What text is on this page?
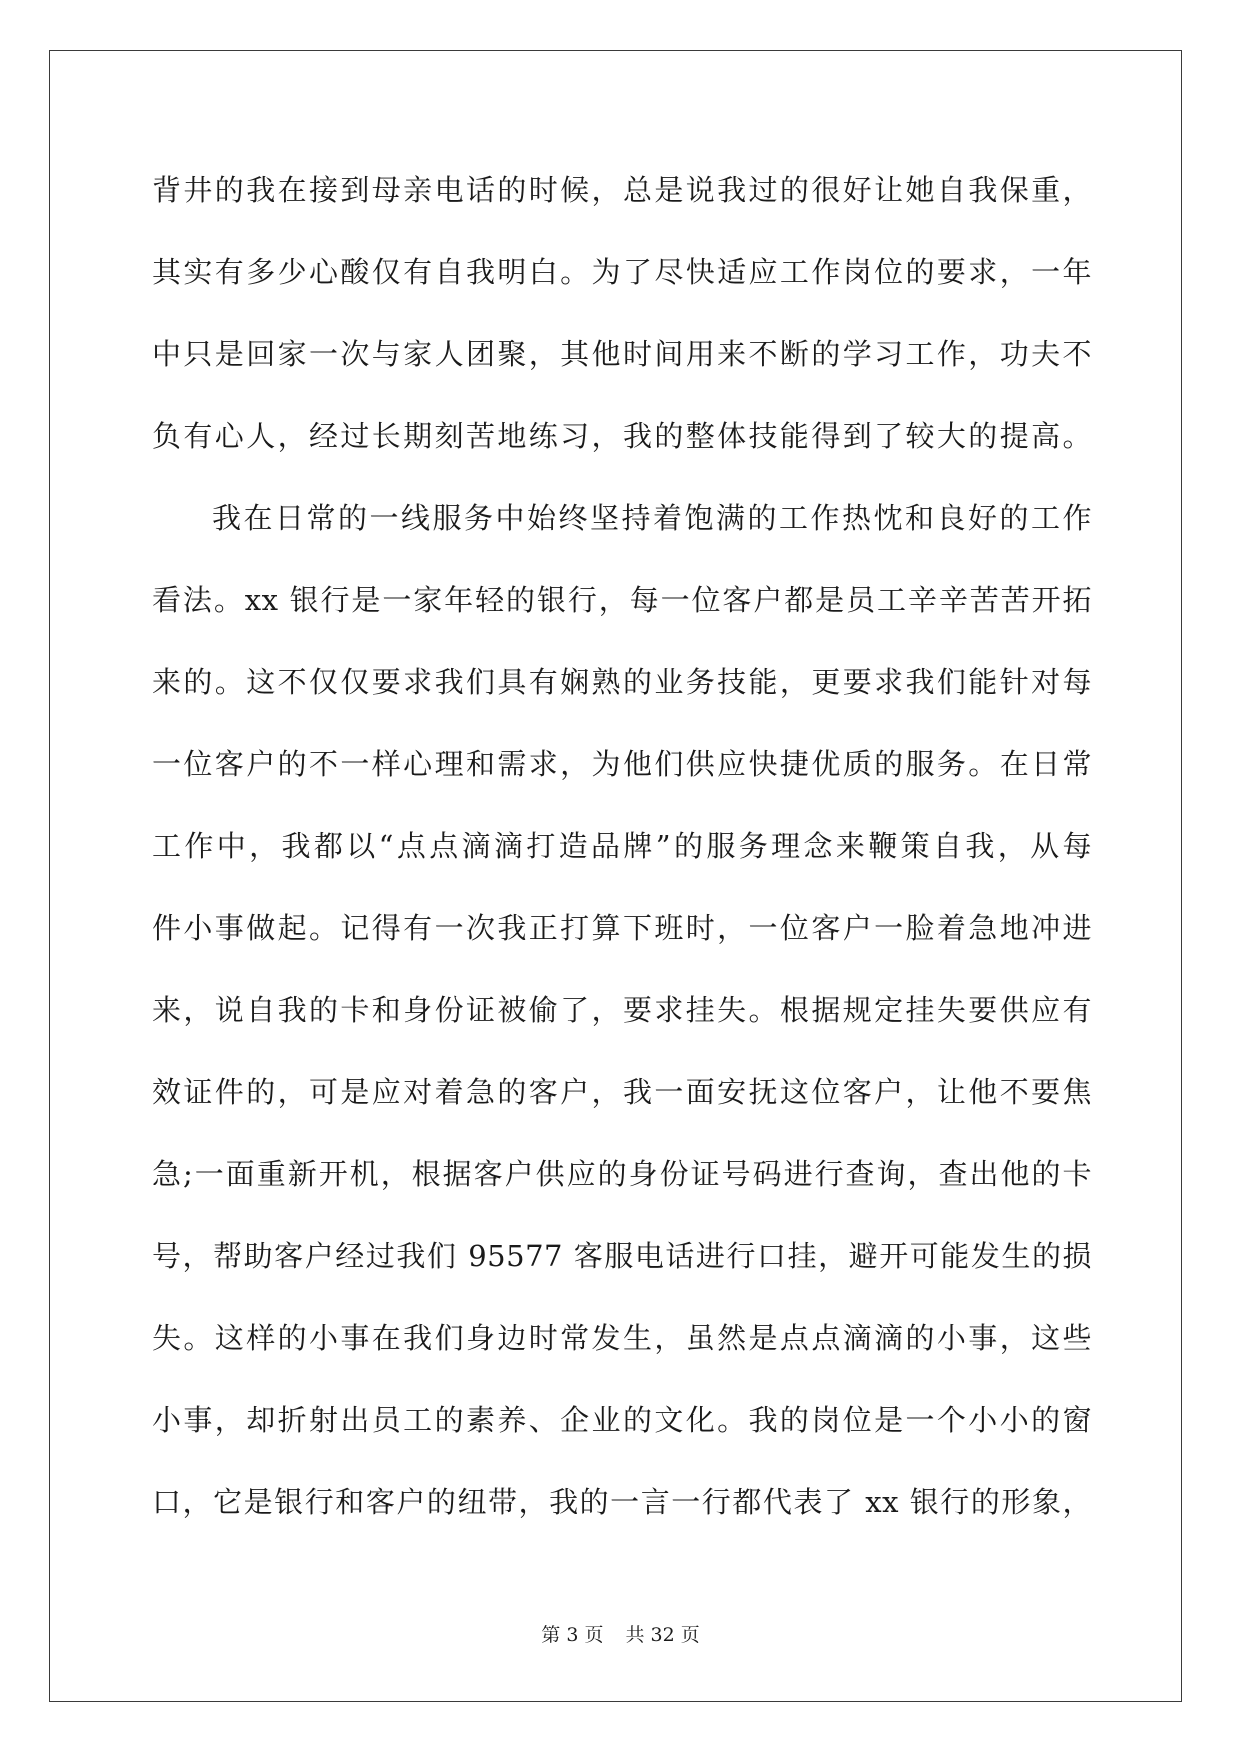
背井的我在接到母亲电话的时候，总是说我过的很好让她自我保重，
其实有多少心酸仅有自我明白。为了尽快适应工作岗位的要求，一年
中只是回家一次与家人团聚，其他时间用来不断的学习工作，功夫不
负有心人，经过长期刻苦地练习，我的整体技能得到了较大的提高。
我在日常的一线服务中始终坚持着饱满的工作热忱和良好的工作
看法。xx 银行是一家年轻的银行，每一位客户都是员工辛辛苦苦开拓
来的。这不仅仅要求我们具有娴熟的业务技能，更要求我们能针对每
一位客户的不一样心理和需求，为他们供应快捷优质的服务。在日常
工作中，我都以“点点滴滴打造品牌”的服务理念来鞭策自我，从每
件小事做起。记得有一次我正打算下班时，一位客户一脸着急地冲进
来，说自我的卡和身份证被偷了，要求挂失。根据规定挂失要供应有
效证件的，可是应对着急的客户，我一面安抚这位客户，让他不要焦
急;一面重新开机，根据客户供应的身份证号码进行查询，查出他的卡
号，帮助客户经过我们 95577 客服电话进行口挂，避开可能发生的损
失。这样的小事在我们身边时常发生，虽然是点点滴滴的小事，这些
小事，却折射出员工的素养、企业的文化。我的岗位是一个小小的窗
口，它是银行和客户的纽带，我的一言一行都代表了 xx 银行的形象，
第 3 页 共 32 页
